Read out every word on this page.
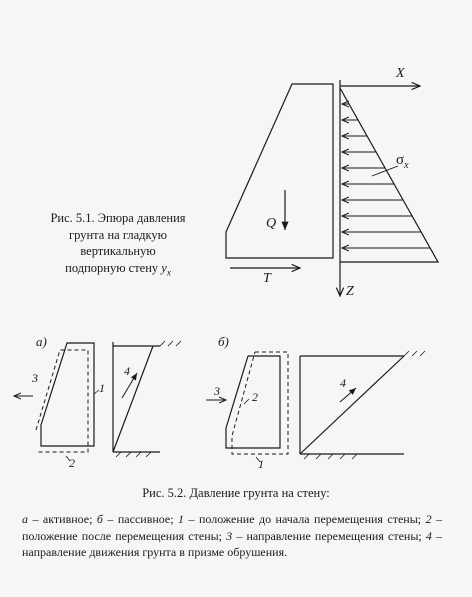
X
Z
$\sigma_x$
Q
T
Рис. 5.1. Эпюра давления
грунта на гладкую
вертикальную
подпорную стену $y_x$
а)	б)
3
1
2
4
3	2
1
4
Рис. 5.2. Давление грунта на стену:
а – активное; б – пассивное; 1 – положение до начала перемещения стены; 2 – положение после перемещения стены; 3 – направление перемещения стены; 4 – направление движения грунта в призме обрушения.
